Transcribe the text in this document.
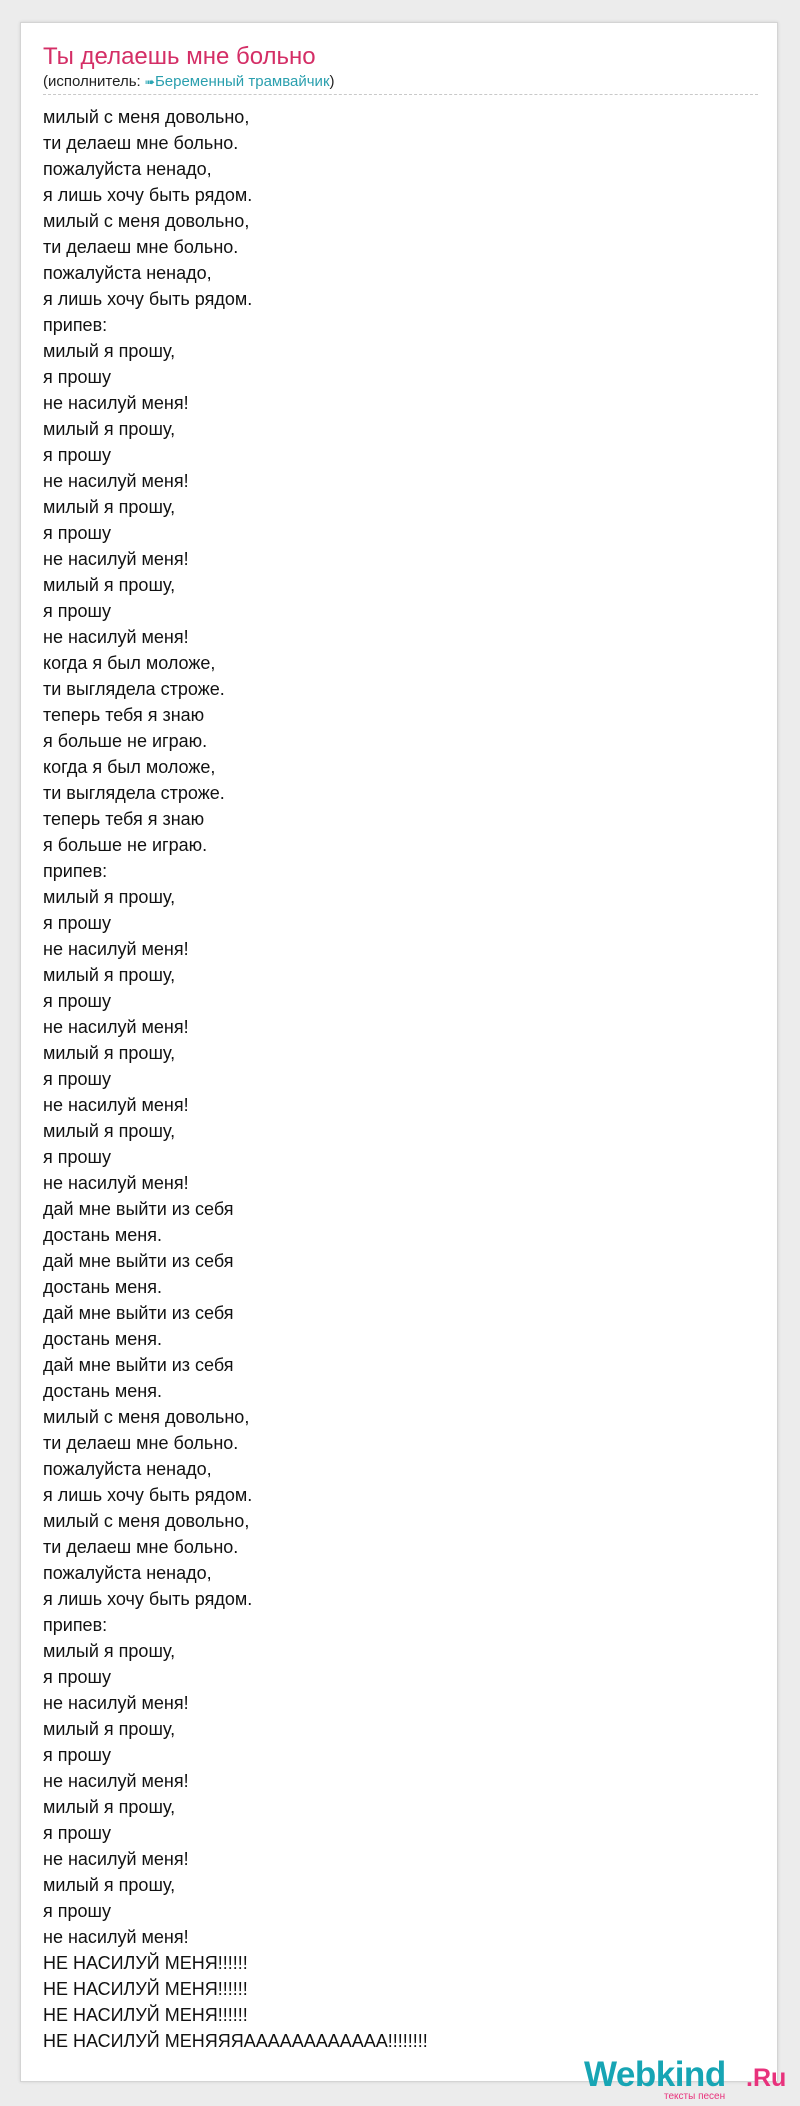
Ты делаешь мне больно
(исполнитель: ➠Беременный трамвайчик)
милый с меня довольно,
ти делаеш мне больно.
пожалуйста ненадо,
я лишь хочу быть рядом.
милый с меня довольно,
ти делаеш мне больно.
пожалуйста ненадо,
я лишь хочу быть рядом.
припев:
милый я прошу,
я прошу
не насилуй меня!
милый я прошу,
я прошу
не насилуй меня!
милый я прошу,
я прошу
не насилуй меня!
милый я прошу,
я прошу
не насилуй меня!
когда я был моложе,
ти выглядела строже.
теперь тебя я знаю
я больше не играю.
когда я был моложе,
ти выглядела строже.
теперь тебя я знаю
я больше не играю.
припев:
милый я прошу,
я прошу
не насилуй меня!
милый я прошу,
я прошу
не насилуй меня!
милый я прошу,
я прошу
не насилуй меня!
милый я прошу,
я прошу
не насилуй меня!
дай мне выйти из себя
достань меня.
дай мне выйти из себя
достань меня.
дай мне выйти из себя
достань меня.
дай мне выйти из себя
достань меня.
милый с меня довольно,
ти делаеш мне больно.
пожалуйста ненадо,
я лишь хочу быть рядом.
милый с меня довольно,
ти делаеш мне больно.
пожалуйста ненадо,
я лишь хочу быть рядом.
припев:
милый я прошу,
я прошу
не насилуй меня!
милый я прошу,
я прошу
не насилуй меня!
милый я прошу,
я прошу
не насилуй меня!
милый я прошу,
я прошу
не насилуй меня!
НЕ НАСИЛУЙ МЕНЯ!!!!!!
НЕ НАСИЛУЙ МЕНЯ!!!!!!
НЕ НАСИЛУЙ МЕНЯ!!!!!!
НЕ НАСИЛУЙ МЕНЯЯЯАААААААААААА!!!!!!!!
Webkind .Ru
тексты песен
